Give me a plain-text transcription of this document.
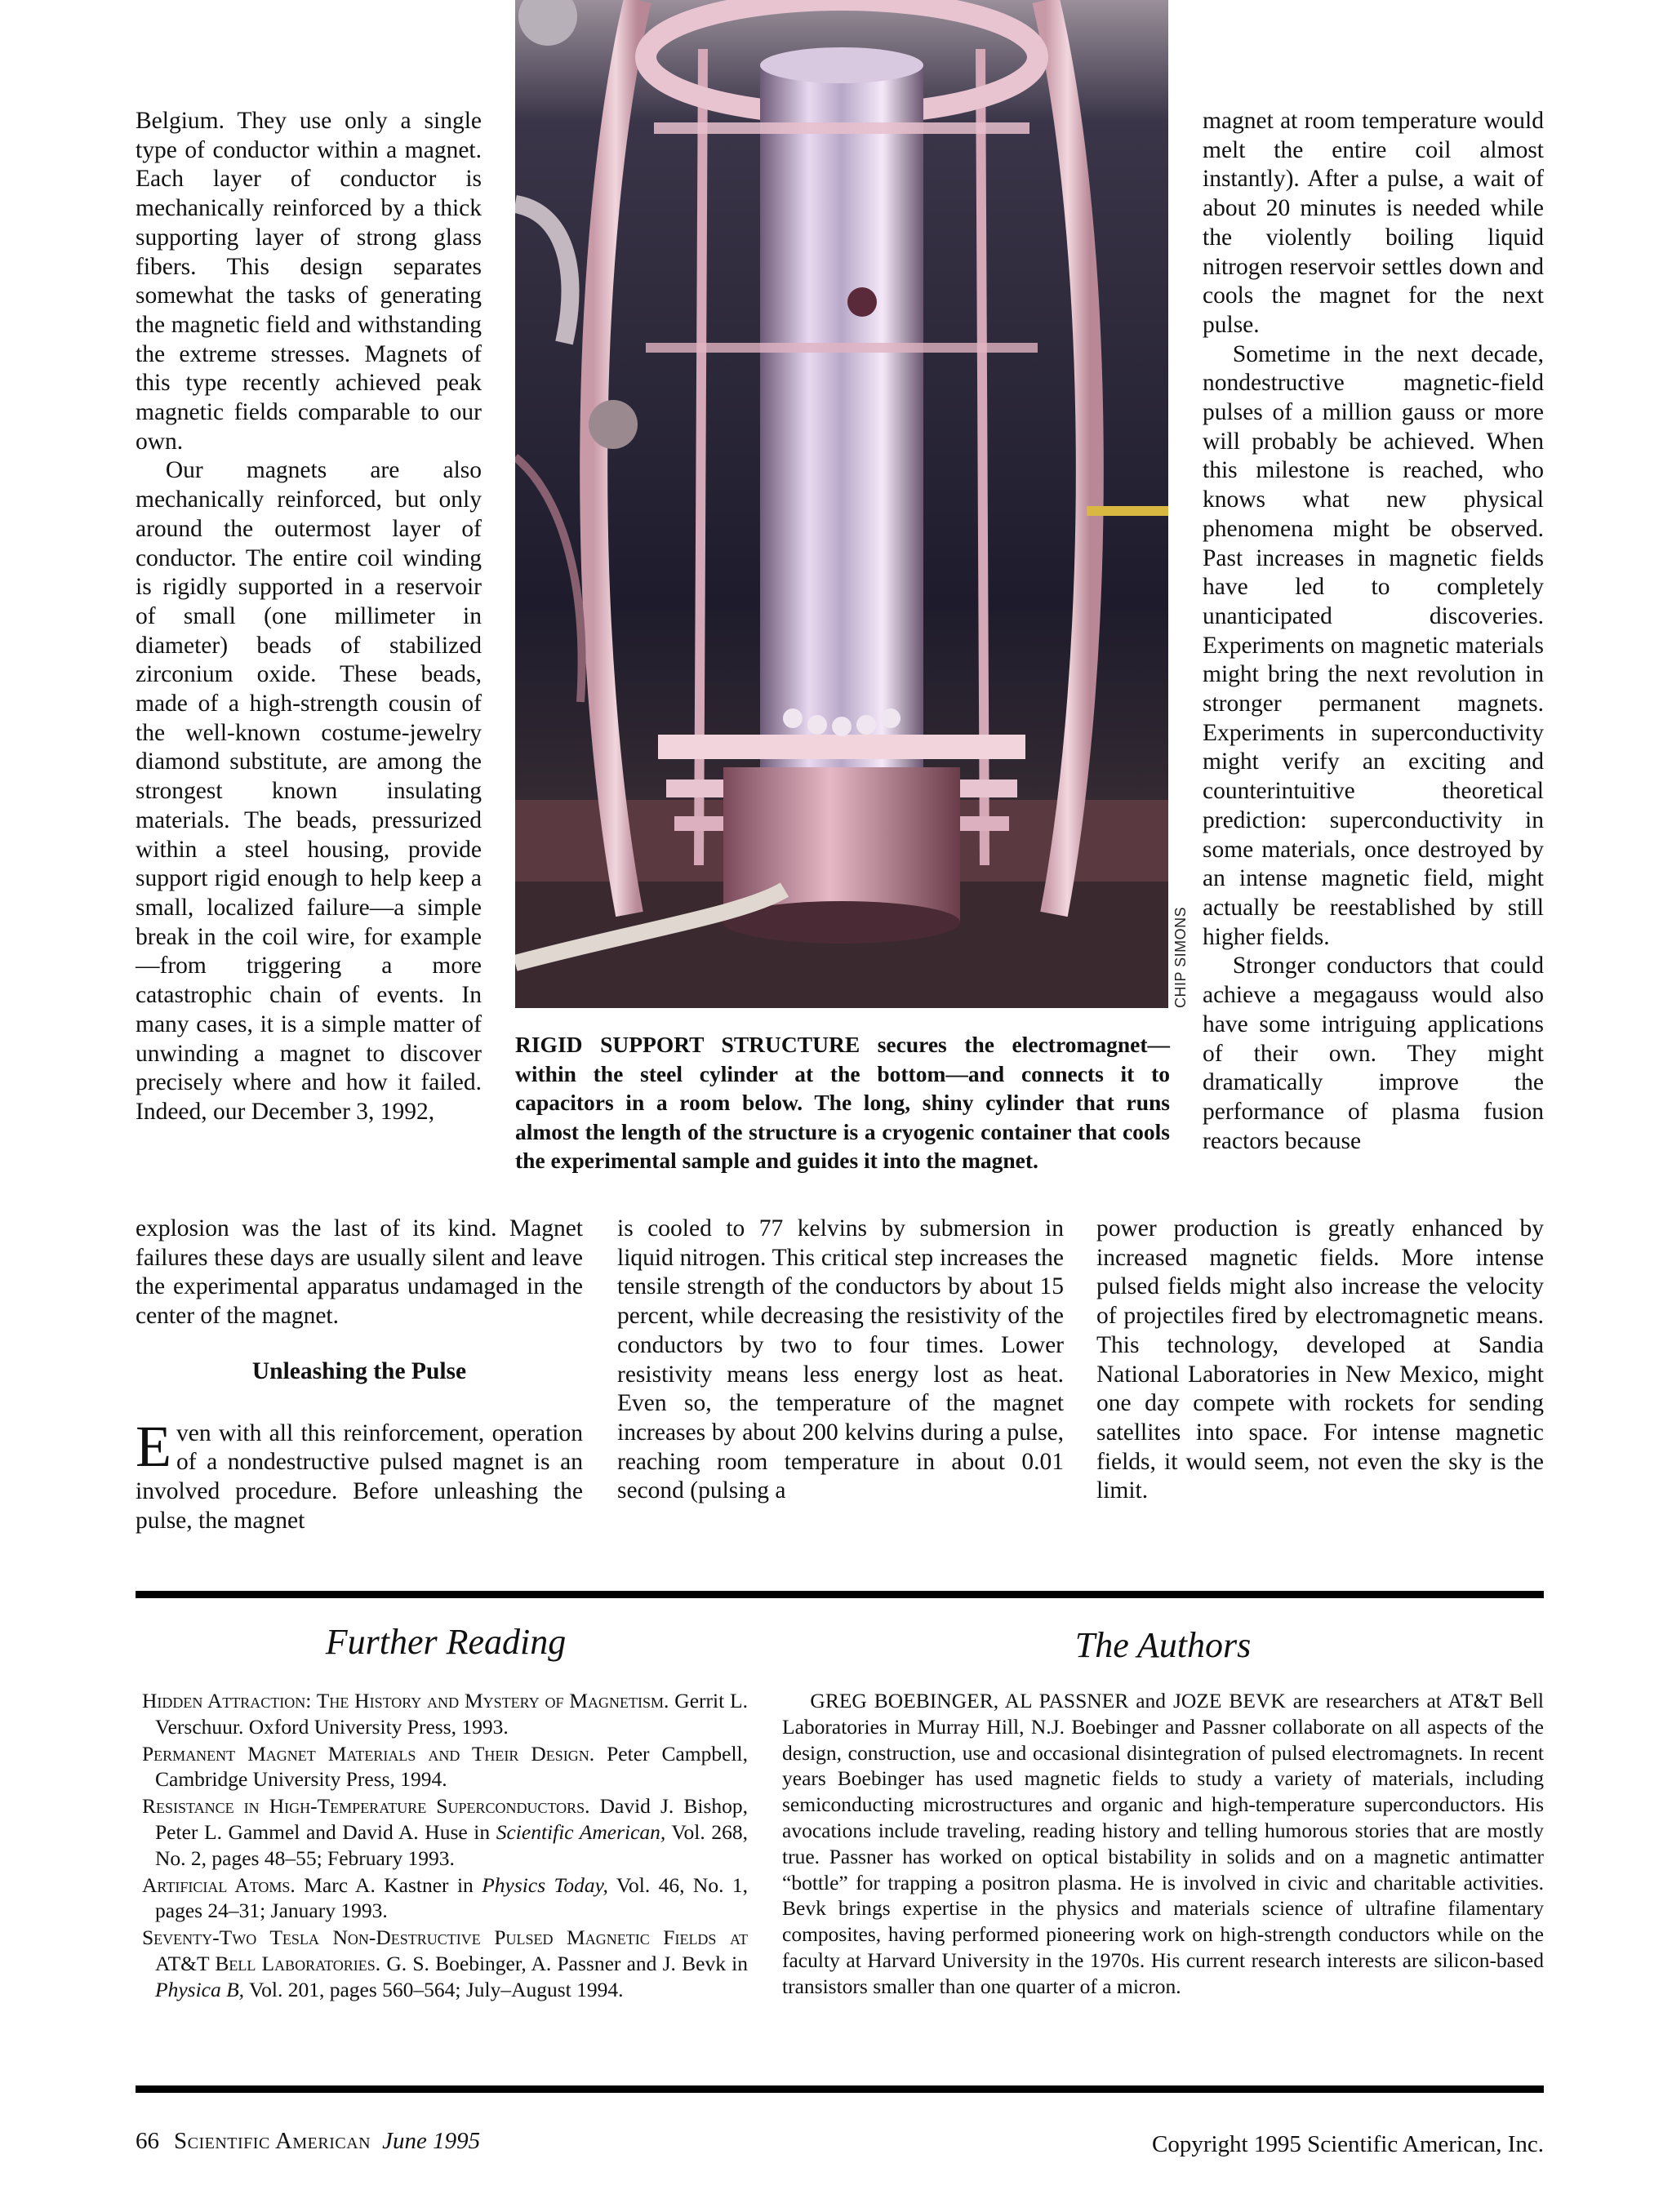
Belgium. They use only a single type of conductor within a magnet. Each layer of conductor is mechanically reinforced by a thick supporting layer of strong glass fibers. This design separates somewhat the tasks of generating the magnetic field and withstanding the extreme stresses. Magnets of this type recently achieved peak magnetic fields comparable to our own.

Our magnets are also mechanically reinforced, but only around the outermost layer of conductor. The entire coil winding is rigidly supported in a reservoir of small (one millimeter in diameter) beads of stabilized zirconium oxide. These beads, made of a high-strength cousin of the well-known costume-jewelry diamond substitute, are among the strongest known insulating materials. The beads, pressurized within a steel housing, provide support rigid enough to help keep a small, localized failure—a simple break in the coil wire, for example—from triggering a more catastrophic chain of events. In many cases, it is a simple matter of unwinding a magnet to discover precisely where and how it failed. Indeed, our December 3, 1992,

CHIP SIMONS
RIGID SUPPORT STRUCTURE secures the electromagnet—within the steel cylinder at the bottom—and connects it to capacitors in a room below. The long, shiny cylinder that runs almost the length of the structure is a cryogenic container that cools the experimental sample and guides it into the magnet.

magnet at room temperature would melt the entire coil almost instantly). After a pulse, a wait of about 20 minutes is needed while the violently boiling liquid nitrogen reservoir settles down and cools the magnet for the next pulse.

Sometime in the next decade, nondestructive magnetic-field pulses of a million gauss or more will probably be achieved. When this milestone is reached, who knows what new physical phenomena might be observed. Past increases in magnetic fields have led to completely unanticipated discoveries. Experiments on magnetic materials might bring the next revolution in stronger permanent magnets. Experiments in superconductivity might verify an exciting and counterintuitive theoretical prediction: superconductivity in some materials, once destroyed by an intense magnetic field, might actually be reestablished by still higher fields.

Stronger conductors that could achieve a megagauss would also have some intriguing applications of their own. They might dramatically improve the performance of plasma fusion reactors because

explosion was the last of its kind. Magnet failures these days are usually silent and leave the experimental apparatus undamaged in the center of the magnet.

Unleashing the Pulse

Even with all this reinforcement, operation of a nondestructive pulsed magnet is an involved procedure. Before unleashing the pulse, the magnet

is cooled to 77 kelvins by submersion in liquid nitrogen. This critical step increases the tensile strength of the conductors by about 15 percent, while decreasing the resistivity of the conductors by two to four times. Lower resistivity means less energy lost as heat. Even so, the temperature of the magnet increases by about 200 kelvins during a pulse, reaching room temperature in about 0.01 second (pulsing a

power production is greatly enhanced by increased magnetic fields. More intense pulsed fields might also increase the velocity of projectiles fired by electromagnetic means. This technology, developed at Sandia National Laboratories in New Mexico, might one day compete with rockets for sending satellites into space. For intense magnetic fields, it would seem, not even the sky is the limit.

Further Reading

Hidden Attraction: The History and Mystery of Magnetism. Gerrit L. Verschuur. Oxford University Press, 1993.

Permanent Magnet Materials and Their Design. Peter Campbell, Cambridge University Press, 1994.

Resistance in High-Temperature Superconductors. David J. Bishop, Peter L. Gammel and David A. Huse in Scientific American, Vol. 268, No. 2, pages 48–55; February 1993.

Artificial Atoms. Marc A. Kastner in Physics Today, Vol. 46, No. 1, pages 24–31; January 1993.

Seventy-Two Tesla Non-Destructive Pulsed Magnetic Fields at AT&T Bell Laboratories. G. S. Boebinger, A. Passner and J. Bevk in Physica B, Vol. 201, pages 560–564; July–August 1994.

The Authors

GREG BOEBINGER, AL PASSNER and JOZE BEVK are researchers at AT&T Bell Laboratories in Murray Hill, N.J. Boebinger and Passner collaborate on all aspects of the design, construction, use and occasional disintegration of pulsed electromagnets. In recent years Boebinger has used magnetic fields to study a variety of materials, including semiconducting microstructures and organic and high-temperature superconductors. His avocations include traveling, reading history and telling humorous stories that are mostly true. Passner has worked on optical bistability in solids and on a magnetic antimatter “bottle” for trapping a positron plasma. He is involved in civic and charitable activities. Bevk brings expertise in the physics and materials science of ultrafine filamentary composites, having performed pioneering work on high-strength conductors while on the faculty at Harvard University in the 1970s. His current research interests are silicon-based transistors smaller than one quarter of a micron.

66 Scientific American June 1995	Copyright 1995 Scientific American, Inc.
